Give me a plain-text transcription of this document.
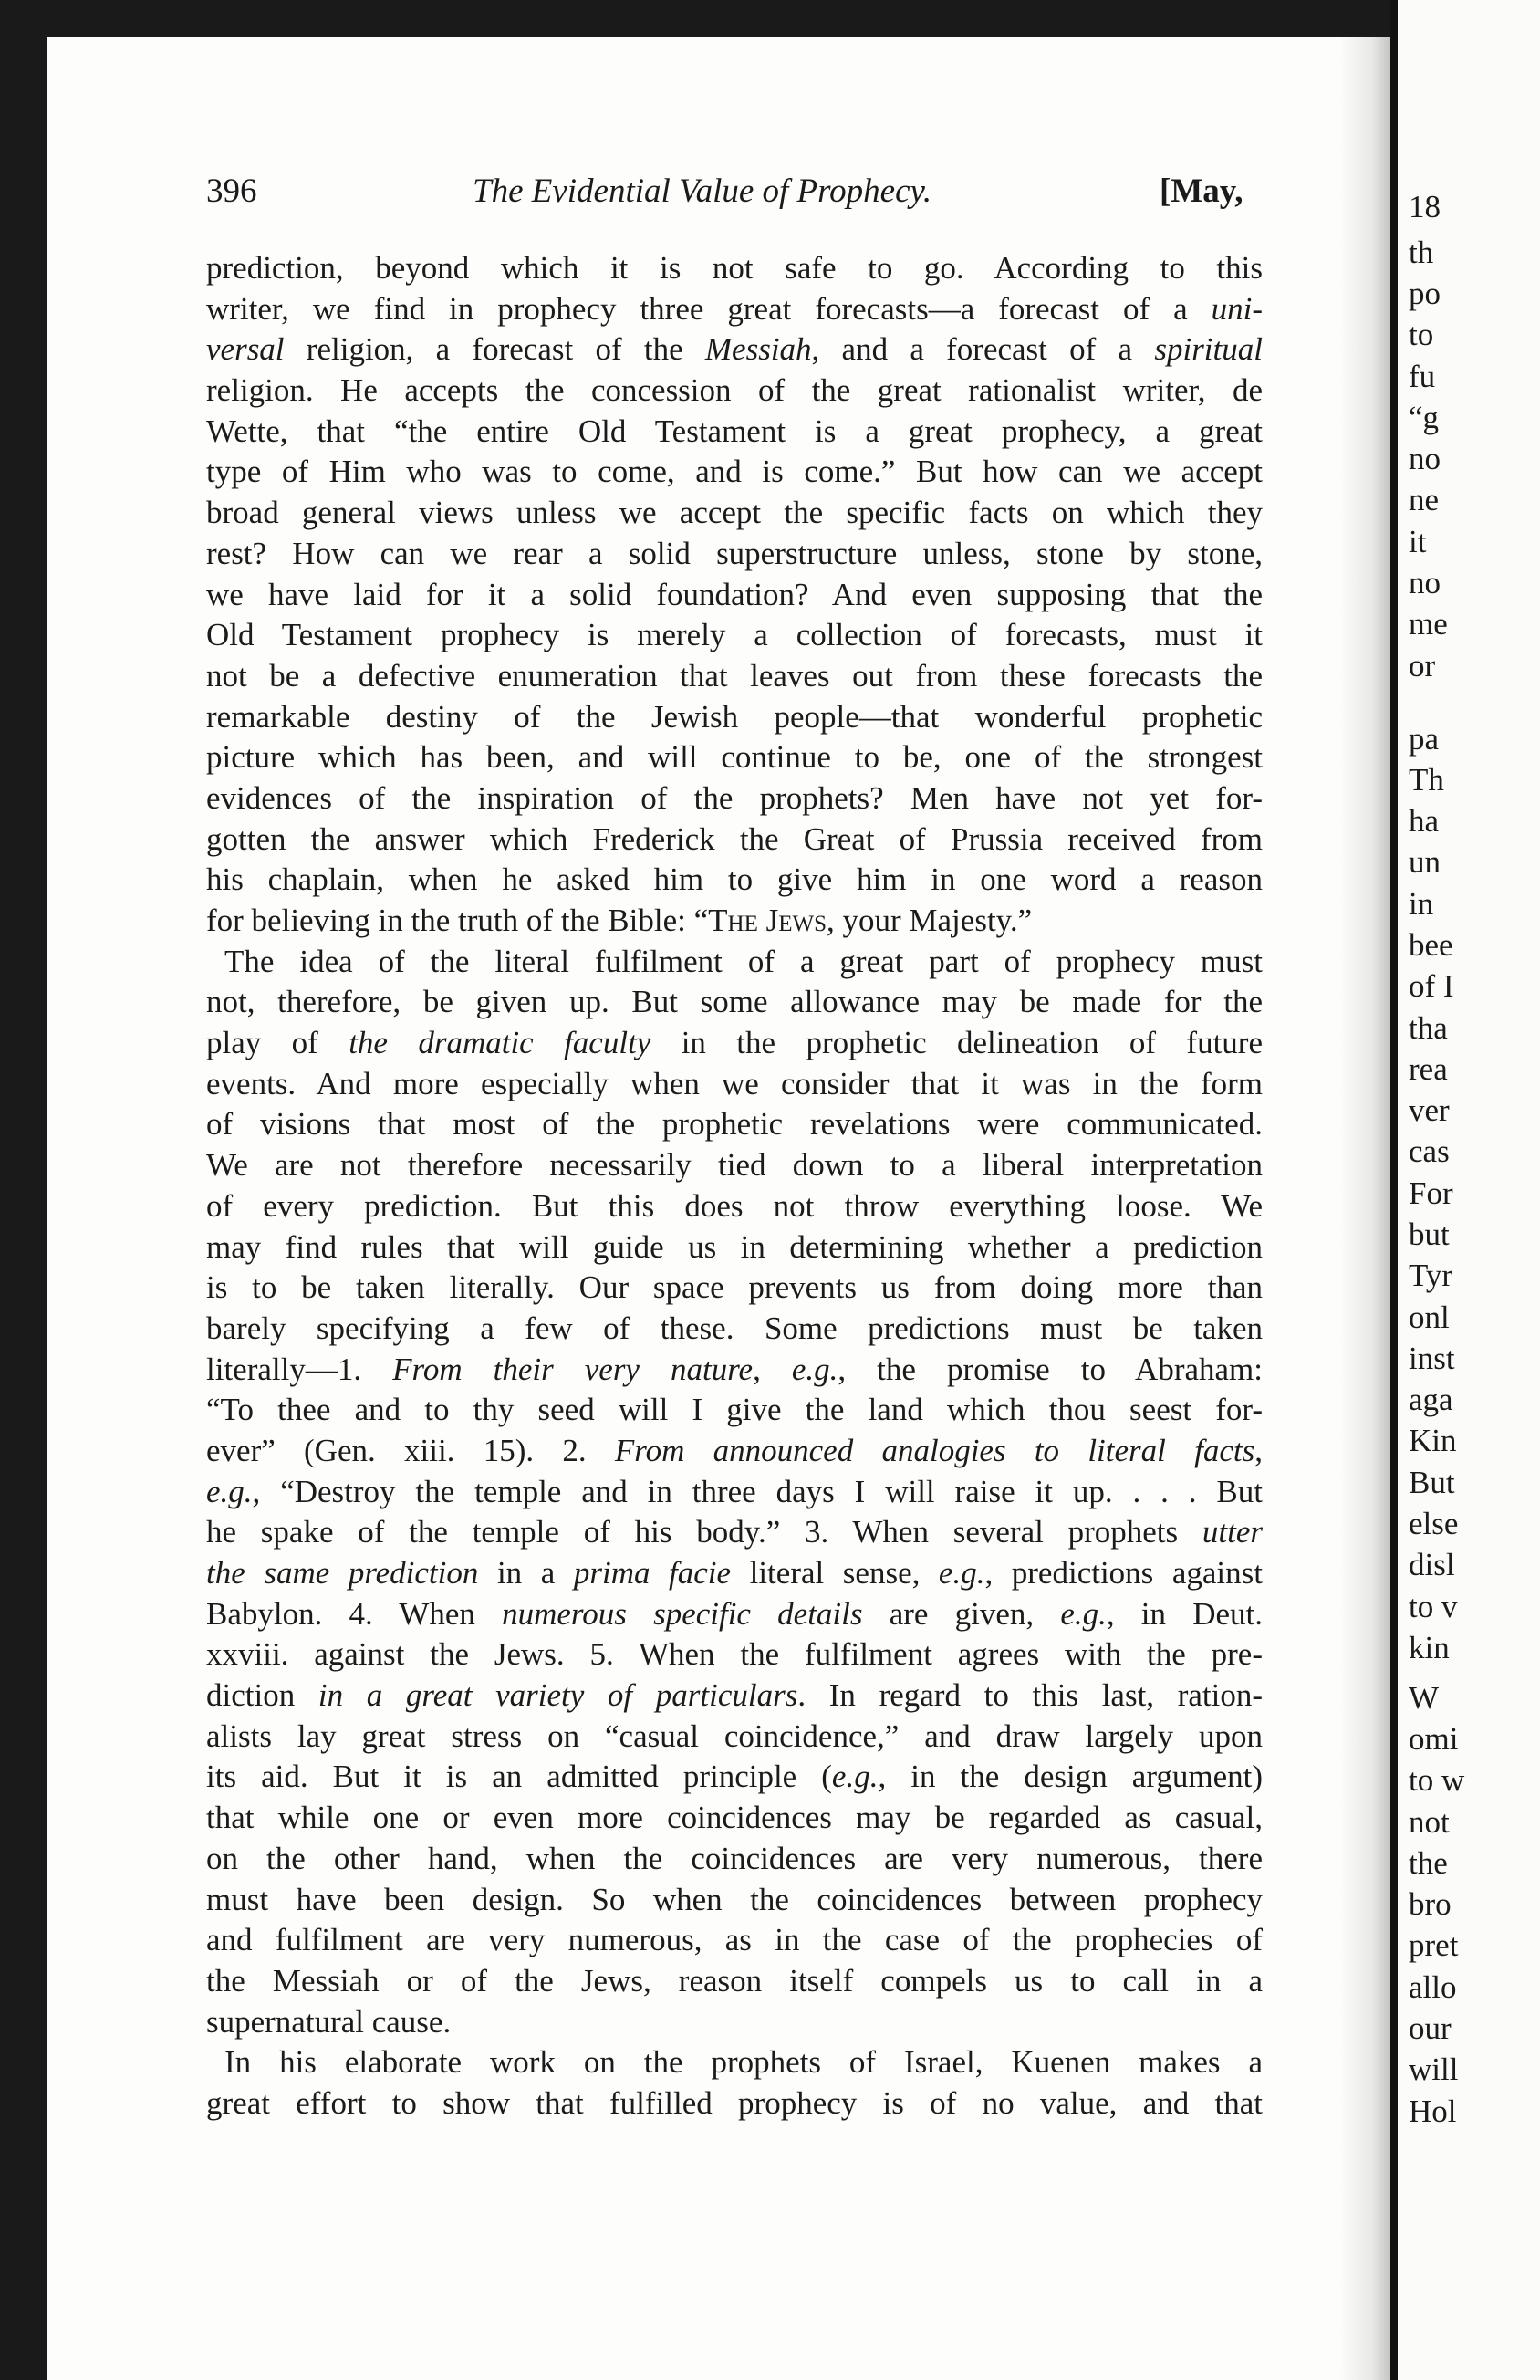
396	The Evidential Value of Prophecy.	[May,
prediction, beyond which it is not safe to go. According to this
writer, we find in prophecy three great forecasts—a forecast of a uni-
versal religion, a forecast of the Messiah, and a forecast of a spiritual
religion. He accepts the concession of the great rationalist writer, de
Wette, that “the entire Old Testament is a great prophecy, a great
type of Him who was to come, and is come.” But how can we accept
broad general views unless we accept the specific facts on which they
rest? How can we rear a solid superstructure unless, stone by stone,
we have laid for it a solid foundation? And even supposing that the
Old Testament prophecy is merely a collection of forecasts, must it
not be a defective enumeration that leaves out from these forecasts the
remarkable destiny of the Jewish people—that wonderful prophetic
picture which has been, and will continue to be, one of the strongest
evidences of the inspiration of the prophets? Men have not yet for-
gotten the answer which Frederick the Great of Prussia received from
his chaplain, when he asked him to give him in one word a reason
for believing in the truth of the Bible: “The Jews, your Majesty.”
The idea of the literal fulfilment of a great part of prophecy must
not, therefore, be given up. But some allowance may be made for the
play of the dramatic faculty in the prophetic delineation of future
events. And more especially when we consider that it was in the form
of visions that most of the prophetic revelations were communicated.
We are not therefore necessarily tied down to a liberal interpretation
of every prediction. But this does not throw everything loose. We
may find rules that will guide us in determining whether a prediction
is to be taken literally. Our space prevents us from doing more than
barely specifying a few of these. Some predictions must be taken
literally—1. From their very nature, e.g., the promise to Abraham:
“To thee and to thy seed will I give the land which thou seest for-
ever” (Gen. xiii. 15). 2. From announced analogies to literal facts,
e.g., “Destroy the temple and in three days I will raise it up. . . . But
he spake of the temple of his body.” 3. When several prophets utter
the same prediction in a prima facie literal sense, e.g., predictions against
Babylon. 4. When numerous specific details are given, e.g., in Deut.
xxviii. against the Jews. 5. When the fulfilment agrees with the pre-
diction in a great variety of particulars. In regard to this last, ration-
alists lay great stress on “casual coincidence,” and draw largely upon
its aid. But it is an admitted principle (e.g., in the design argument)
that while one or even more coincidences may be regarded as casual,
on the other hand, when the coincidences are very numerous, there
must have been design. So when the coincidences between prophecy
and fulfilment are very numerous, as in the case of the prophecies of
the Messiah or of the Jews, reason itself compels us to call in a
supernatural cause.
In his elaborate work on the prophets of Israel, Kuenen makes a
great effort to show that fulfilled prophecy is of no value, and that
18
th
po
to
fu
“g
no
ne
it
no
me
or
pa
Th
ha
un
in
bee
of I
tha
rea
ver
cas
For
but
Tyr
onl
inst
aga
Kin
But
else
disl
to v
kin
W
omi
to w
not
the
bro
pret
allo
our
will
Hol
